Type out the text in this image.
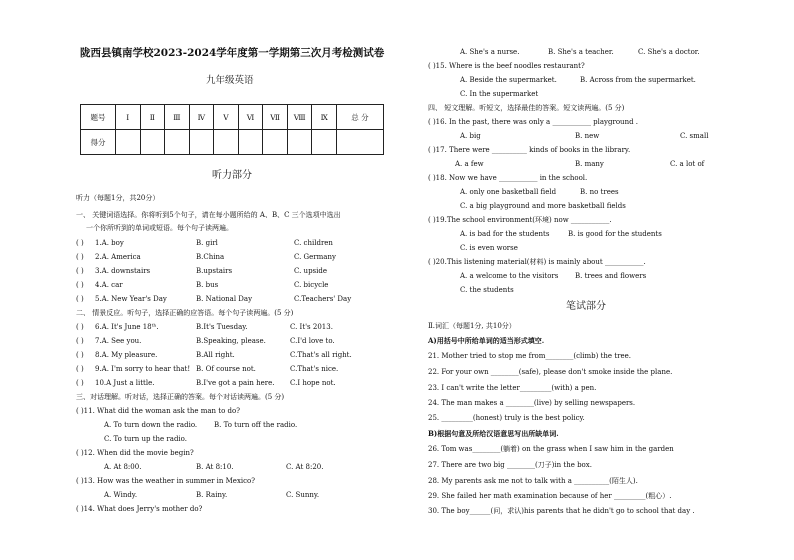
陇西县镇南学校2023-2024学年度第一学期第三次月考检测试卷
九年级英语
题号	I	Ⅱ	Ⅲ	Ⅳ	V	Ⅵ	Ⅶ	Ⅷ	Ⅸ	总 分
得分										
听力部分
听力（每题1分，共20分）
一、 关键词语选择。你将听到5个句子，请在每小题所给的 A、B、C 三个选项中选出
一个你所听到的单词或短语。每个句子读两遍。
( ) 1.A. boy	B. girl	C. children
( ) 2.A. America	B.China	C. Germany
( ) 3.A. downstairs	B.upstairs	C. upside
( ) 4.A. car	B. bus	C. bicycle
( ) 5.A. New Year's Day	B. National Day	C.Teachers' Day
二、 情景反应。听句子，选择正确的应答语。每个句子读两遍。(5 分)
( ) 6.A. It's June 18ᵗʰ.	B.It's Tuesday.	C. It's 2013.
( ) 7.A. See you.	B.Speaking, please.	C.I'd love to.
( ) 8.A. My pleasure.	B.All right.	C.That's all right.
( ) 9.A. I'm sorry to hear that! B. Of course not.	C.That's nice.
( ) 10.A Just a little.	B.I've got a pain here. C.I hope not.
三、对话理解。听对话，选择正确的答案。每个对话读两遍。(5 分)
( )11. What did the woman ask the man to do?
A. To turn down the radio. B. To turn off the radio.
C. To turn up the radio.
( )12. When did the movie begin?
A. At 8:00.	B. At 8:10.	C. At 8:20.
( )13. How was the weather in summer in Mexico?
A. Windy.	B. Rainy.	C. Sunny.
( )14. What does Jerry's mother do?
A. She's a nurse.	B. She's a teacher.	C. She's a doctor.
( )15. Where is the beef noodles restaurant?
A. Beside the supermarket.	B. Across from the supermarket.
C. In the supermarket
四、 短文理解。听短文，选择最佳的答案。短文读两遍。(5 分)
( )16. In the past, there was only a ___________ playground .
A. big	B. new	C. small
( )17. There were __________ kinds of books in the library.
A. a few	B. many	C. a lot of
( )18. Now we have ___________ in the school.
A. only one basketball field	B. no trees
C. a big playground and more basketball fields
( )19.The school environment(环境) now ___________.
A. is bad for the students	B. is good for the students
C. is even worse
( )20.This listening material(材料) is mainly about ___________.
A. a welcome to the visitors B. trees and flowers
C. the students
笔试部分
Ⅱ.词汇（每题1分, 共10分）
A)用括号中所给单词的适当形式填空.
21. Mother tried to stop me from________(climb) the tree.
22. For your own ________(safe), please don't smoke inside the plane.
23. I can't write the letter_________(with) a pen.
24. The man makes a ________(live) by selling newspapers.
25. _________(honest) truly is the best policy.
B)根据句意及所给汉语意思写出所缺单词.
26. Tom was________(躺着) on the grass when I saw him in the garden
27. There are two big ________(刀子)in the box.
28. My parents ask me not to talk with a __________(陌生人).
29. She failed her math examination because of her _________(粗心）.
30. The boy______(问，求认)his parents that he didn't go to school that day .
